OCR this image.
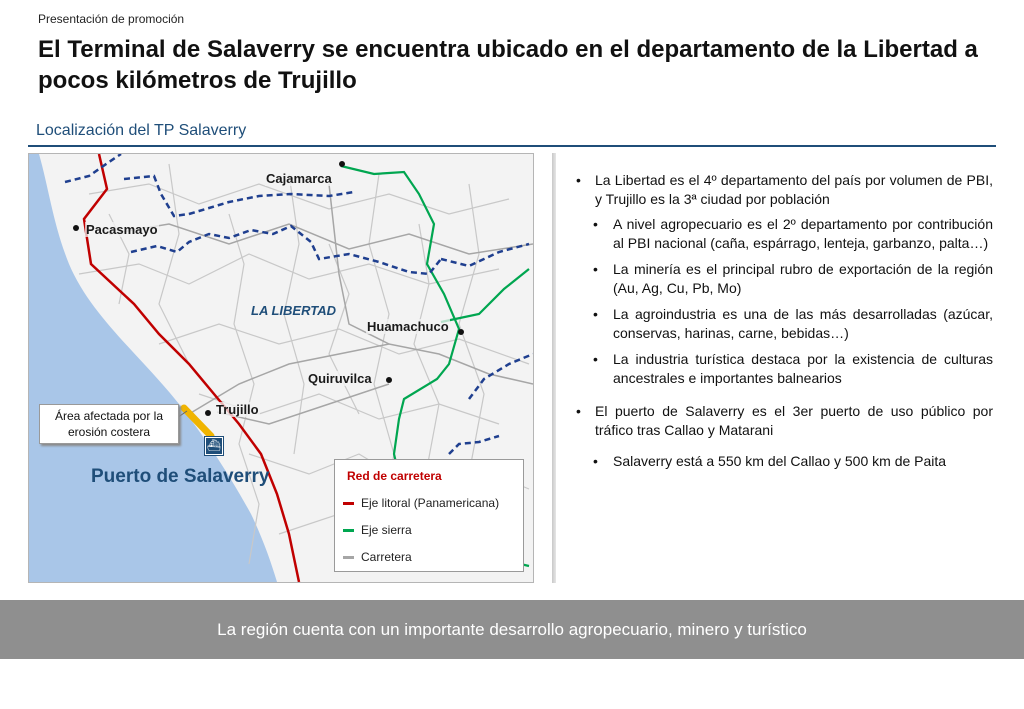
Presentación de promoción
El Terminal de Salaverry se encuentra ubicado en el departamento de la Libertad a pocos kilómetros de Trujillo
Localización del TP Salaverry
Cajamarca
Pacasmayo
LA LIBERTAD
Huamachuco
Quiruvilca
Trujillo
Área afectada por la erosión costera
⛴
Puerto de Salaverry	Red de carretera
Eje litoral (Panamericana)
Eje sierra
Carretera
• La Libertad es el 4º departamento del país por volumen de PBI, y Trujillo es la 3ª ciudad por población
• A nivel agropecuario es el 2º departamento por contribución al PBI nacional (caña, espárrago, lenteja, garbanzo, palta…)
• La minería es el principal rubro de exportación de la región (Au, Ag, Cu, Pb, Mo)
• La agroindustria es una de las más desarrolladas (azúcar, conservas, harinas, carne, bebidas…)
• La industria turística destaca por la existencia de culturas ancestrales e importantes balnearios
• El puerto de Salaverry es el 3er puerto de uso público por tráfico tras Callao y Matarani
• Salaverry está a 550 km del Callao y 500 km de Paita
La región cuenta con un importante desarrollo agropecuario, minero y turístico
